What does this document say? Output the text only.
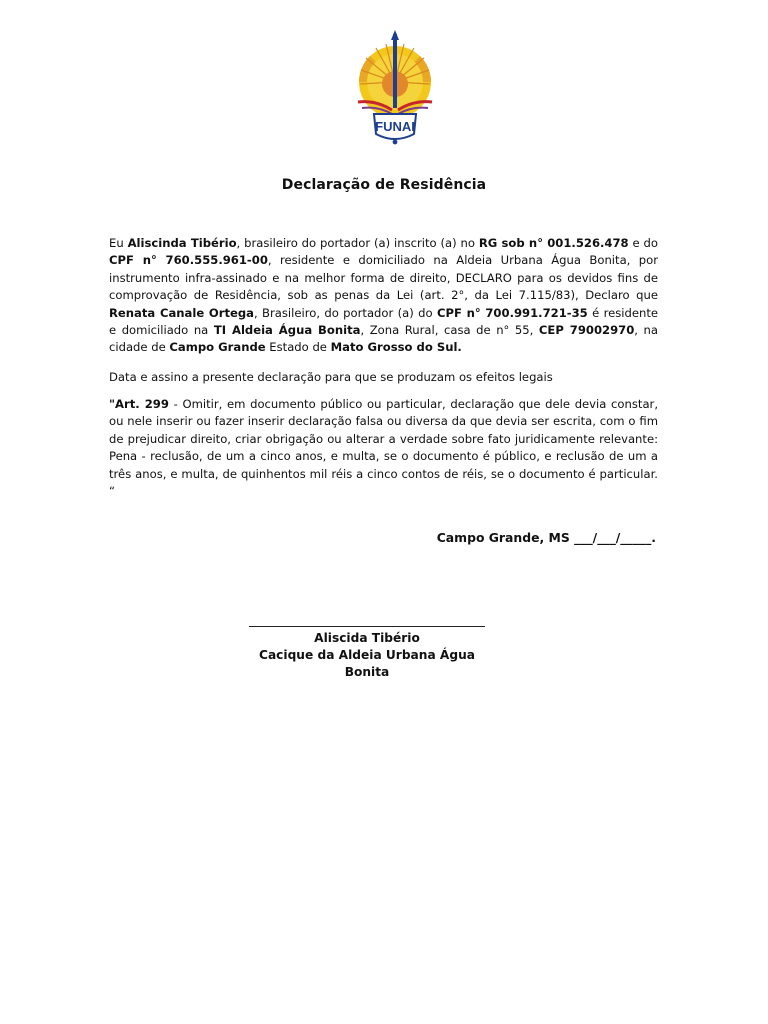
FUNAI
Declaração de Residência
Eu Aliscinda Tibério, brasileiro do portador (a) inscrito (a) no RG sob n° 001.526.478 e do CPF n° 760.555.961-00, residente e domiciliado na Aldeia Urbana Água Bonita, por instrumento infra-assinado e na melhor forma de direito, DECLARO para os devidos fins de comprovação de Residência, sob as penas da Lei (art. 2°, da Lei 7.115/83), Declaro que Renata Canale Ortega, Brasileiro, do portador (a) do CPF n° 700.991.721-35 é residente e domiciliado na TI Aldeia Água Bonita, Zona Rural, casa de n° 55, CEP 79002970, na cidade de Campo Grande Estado de Mato Grosso do Sul.
Data e assino a presente declaração para que se produzam os efeitos legais
"Art. 299 - Omitir, em documento público ou particular, declaração que dele devia constar, ou nele inserir ou fazer inserir declaração falsa ou diversa da que devia ser escrita, com o fim de prejudicar direito, criar obrigação ou alterar a verdade sobre fato juridicamente relevante: Pena - reclusão, de um a cinco anos, e multa, se o documento é público, e reclusão de um a três anos, e multa, de quinhentos mil réis a cinco contos de réis, se o documento é particular. “
Campo Grande, MS ___/___/_____.
Aliscida Tibério
Cacique da Aldeia Urbana Água Bonita
